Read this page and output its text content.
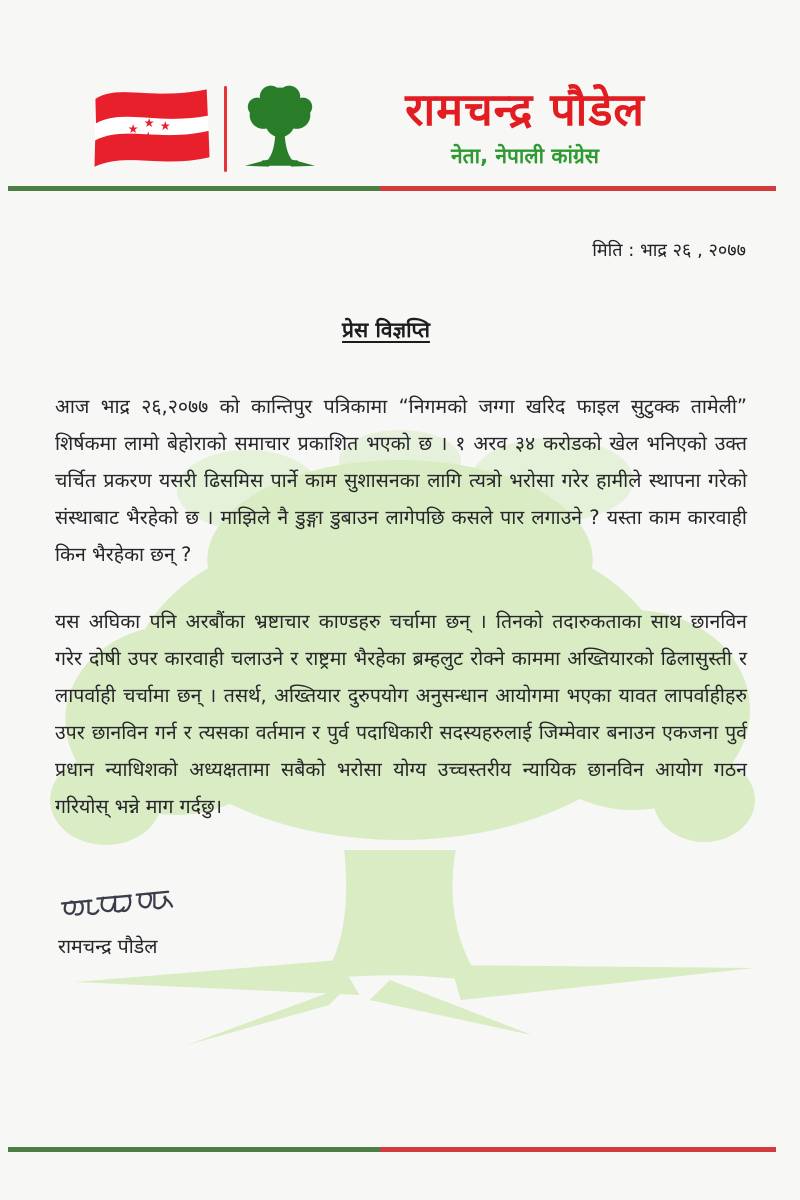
★ ★ ★
★
रामचन्द्र पौडेल
नेता, नेपाली कांग्रेस
मिति : भाद्र २६ , २०७७
प्रेस विज्ञप्ति
आज भाद्र २६,२०७७ को कान्तिपुर पत्रिकामा “निगमको जग्गा खरिद फाइल सुटुक्क तामेली”
शिर्षकमा लामो बेहोराको समाचार प्रकाशित भएको छ । १ अरव ३४ करोडको खेल भनिएको उक्त
चर्चित प्रकरण यसरी ढिसमिस पार्ने काम सुशासनका लागि त्यत्रो भरोसा गरेर हामीले स्थापना गरेको
संस्थाबाट भैरहेको छ । माझिले नै डुङ्गा डुबाउन लागेपछि कसले पार लगाउने ? यस्ता काम कारवाही
किन भैरहेका छन् ?
यस अघिका पनि अरबौंका भ्रष्टाचार काण्डहरु चर्चामा छन् । तिनको तदारुकताका साथ छानविन
गरेर दोषी उपर कारवाही चलाउने र राष्ट्रमा भैरहेका ब्रम्हलुट रोक्ने काममा अख्तियारको ढिलासुस्ती र
लापर्वाही चर्चामा छन् । तसर्थ, अख्तियार दुरुपयोग अनुसन्धान आयोगमा भएका यावत लापर्वाहीहरु
उपर छानविन गर्न र त्यसका वर्तमान र पुर्व पदाधिकारी सदस्यहरुलाई जिम्मेवार बनाउन एकजना पुर्व
प्रधान न्याधिशको अध्यक्षतामा सबैको भरोसा योग्य उच्चस्तरीय न्यायिक छानविन आयोग गठन
गरियोस् भन्ने माग गर्दछु।
रामचन्द्र पौडेल
